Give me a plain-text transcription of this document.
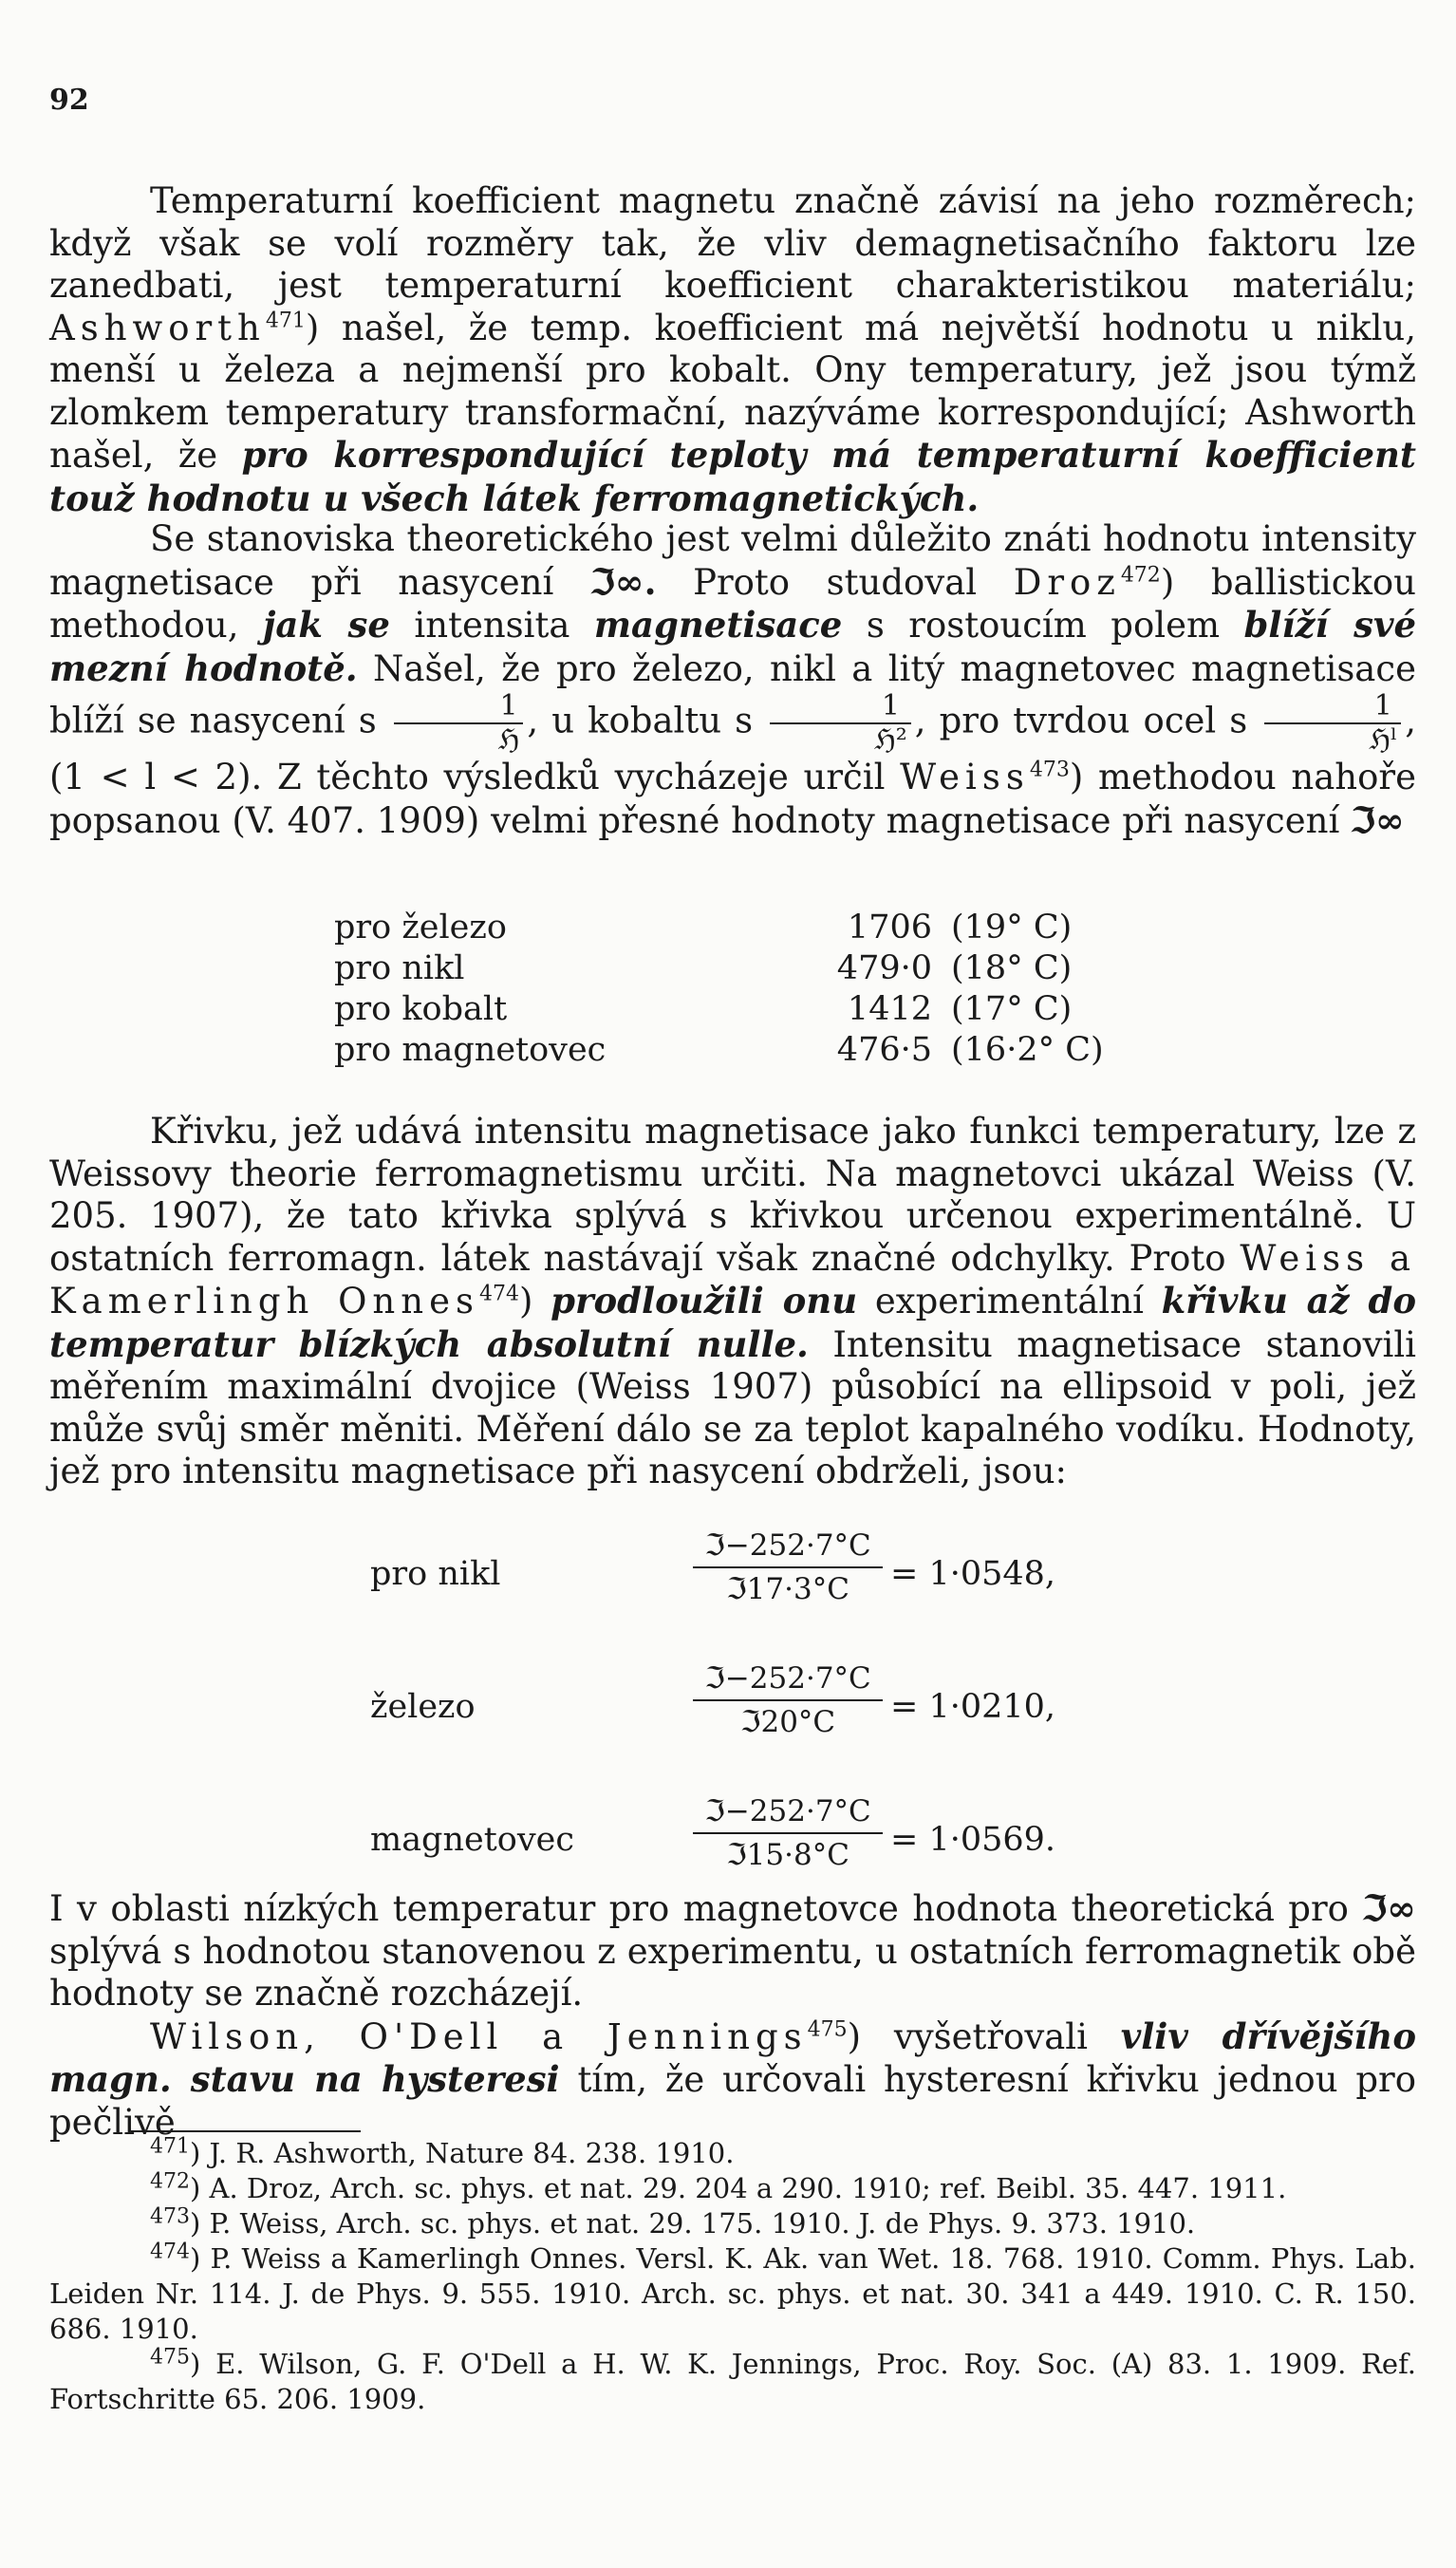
92

Temperaturní koefficient magnetu značně závisí na jeho rozměrech; když však se volí rozměry tak, že vliv demagnetisačního faktoru lze zanedbati, jest temperaturní koefficient charakteristikou materiálu; Ashworth$^{471}$) našel, že temp. koefficient má největší hodnotu u niklu, menší u železa a nejmenší pro kobalt. Ony temperatury, jež jsou týmž zlomkem temperatury transformační, nazýváme korrespondující; Ashworth našel, že pro korrespondující teploty má temperaturní koefficient touž hodnotu u všech látek ferromagnetických.

Se stanoviska theoretického jest velmi důležito znáti hodnotu intensity magnetisace při nasycení ℑ∞. Proto studoval Droz$^{472}$) ballistickou methodou, jak se intensita magnetisace s rostoucím polem blíží své mezní hodnotě. Našel, že pro železo, nikl a litý magnetovec magnetisace blíží se nasycení s $\frac{1}{\text{ℌ}}$ , u kobaltu s $\frac{1}{\text{ℌ²}}$ , pro tvrdou ocel s $\frac{1}{\text{ℌˡ}}$ , (1 < l < 2). Z těchto výsledků vycházeje určil Weiss$^{473}$) methodou nahoře popsanou (V. 407. 1909) velmi přesné hodnoty magnetisace při nasycení ℑ∞

pro železo	1706	(19° C)
pro nikl	479·0	(18° C)
pro kobalt	1412	(17° C)
pro magnetovec	476·5	(16·2° C)

Křivku, jež udává intensitu magnetisace jako funkci temperatury, lze z Weissovy theorie ferromagnetismu určiti. Na magnetovci ukázal Weiss (V. 205. 1907), že tato křivka splývá s křivkou určenou experimentálně. U ostatních ferromagn. látek nastávají však značné odchylky. Proto Weiss a Kamerlingh Onnes$^{474}$) prodloužili onu experimentální křivku až do temperatur blízkých absolutní nulle. Intensitu magnetisace stanovili měřením maximální dvojice (Weiss 1907) působící na ellipsoid v poli, jež může svůj směr měniti. Měření dálo se za teplot kapalného vodíku. Hodnoty, jež pro intensitu magnetisace při nasycení obdrželi, jsou:

pro nikl
ℑ−252·7°C
ℑ17·3°C	= 1·0548,
železo
ℑ−252·7°C
ℑ20°C	= 1·0210,
magnetovec
ℑ−252·7°C
ℑ15·8°C	= 1·0569.

I v oblasti nízkých temperatur pro magnetovce hodnota theoretická pro ℑ∞ splývá s hodnotou stanovenou z experimentu, u ostatních ferromagnetik obě hodnoty se značně rozcházejí.

Wilson, O'Dell a Jennings$^{475}$) vyšetřovali vliv dřívějšího magn. stavu na hysteresi tím, že určovali hysteresní křivku jednou pro pečlivě

$^{471}$) J. R. Ashworth, Nature 84. 238. 1910.

$^{472}$) A. Droz, Arch. sc. phys. et nat. 29. 204 a 290. 1910; ref. Beibl. 35. 447. 1911.

$^{473}$) P. Weiss, Arch. sc. phys. et nat. 29. 175. 1910. J. de Phys. 9. 373. 1910.

$^{474}$) P. Weiss a Kamerlingh Onnes. Versl. K. Ak. van Wet. 18. 768. 1910. Comm. Phys. Lab. Leiden Nr. 114. J. de Phys. 9. 555. 1910. Arch. sc. phys. et nat. 30. 341 a 449. 1910. C. R. 150. 686. 1910.

$^{475}$) E. Wilson, G. F. O'Dell a H. W. K. Jennings, Proc. Roy. Soc. (A) 83. 1. 1909. Ref. Fortschritte 65. 206. 1909.
